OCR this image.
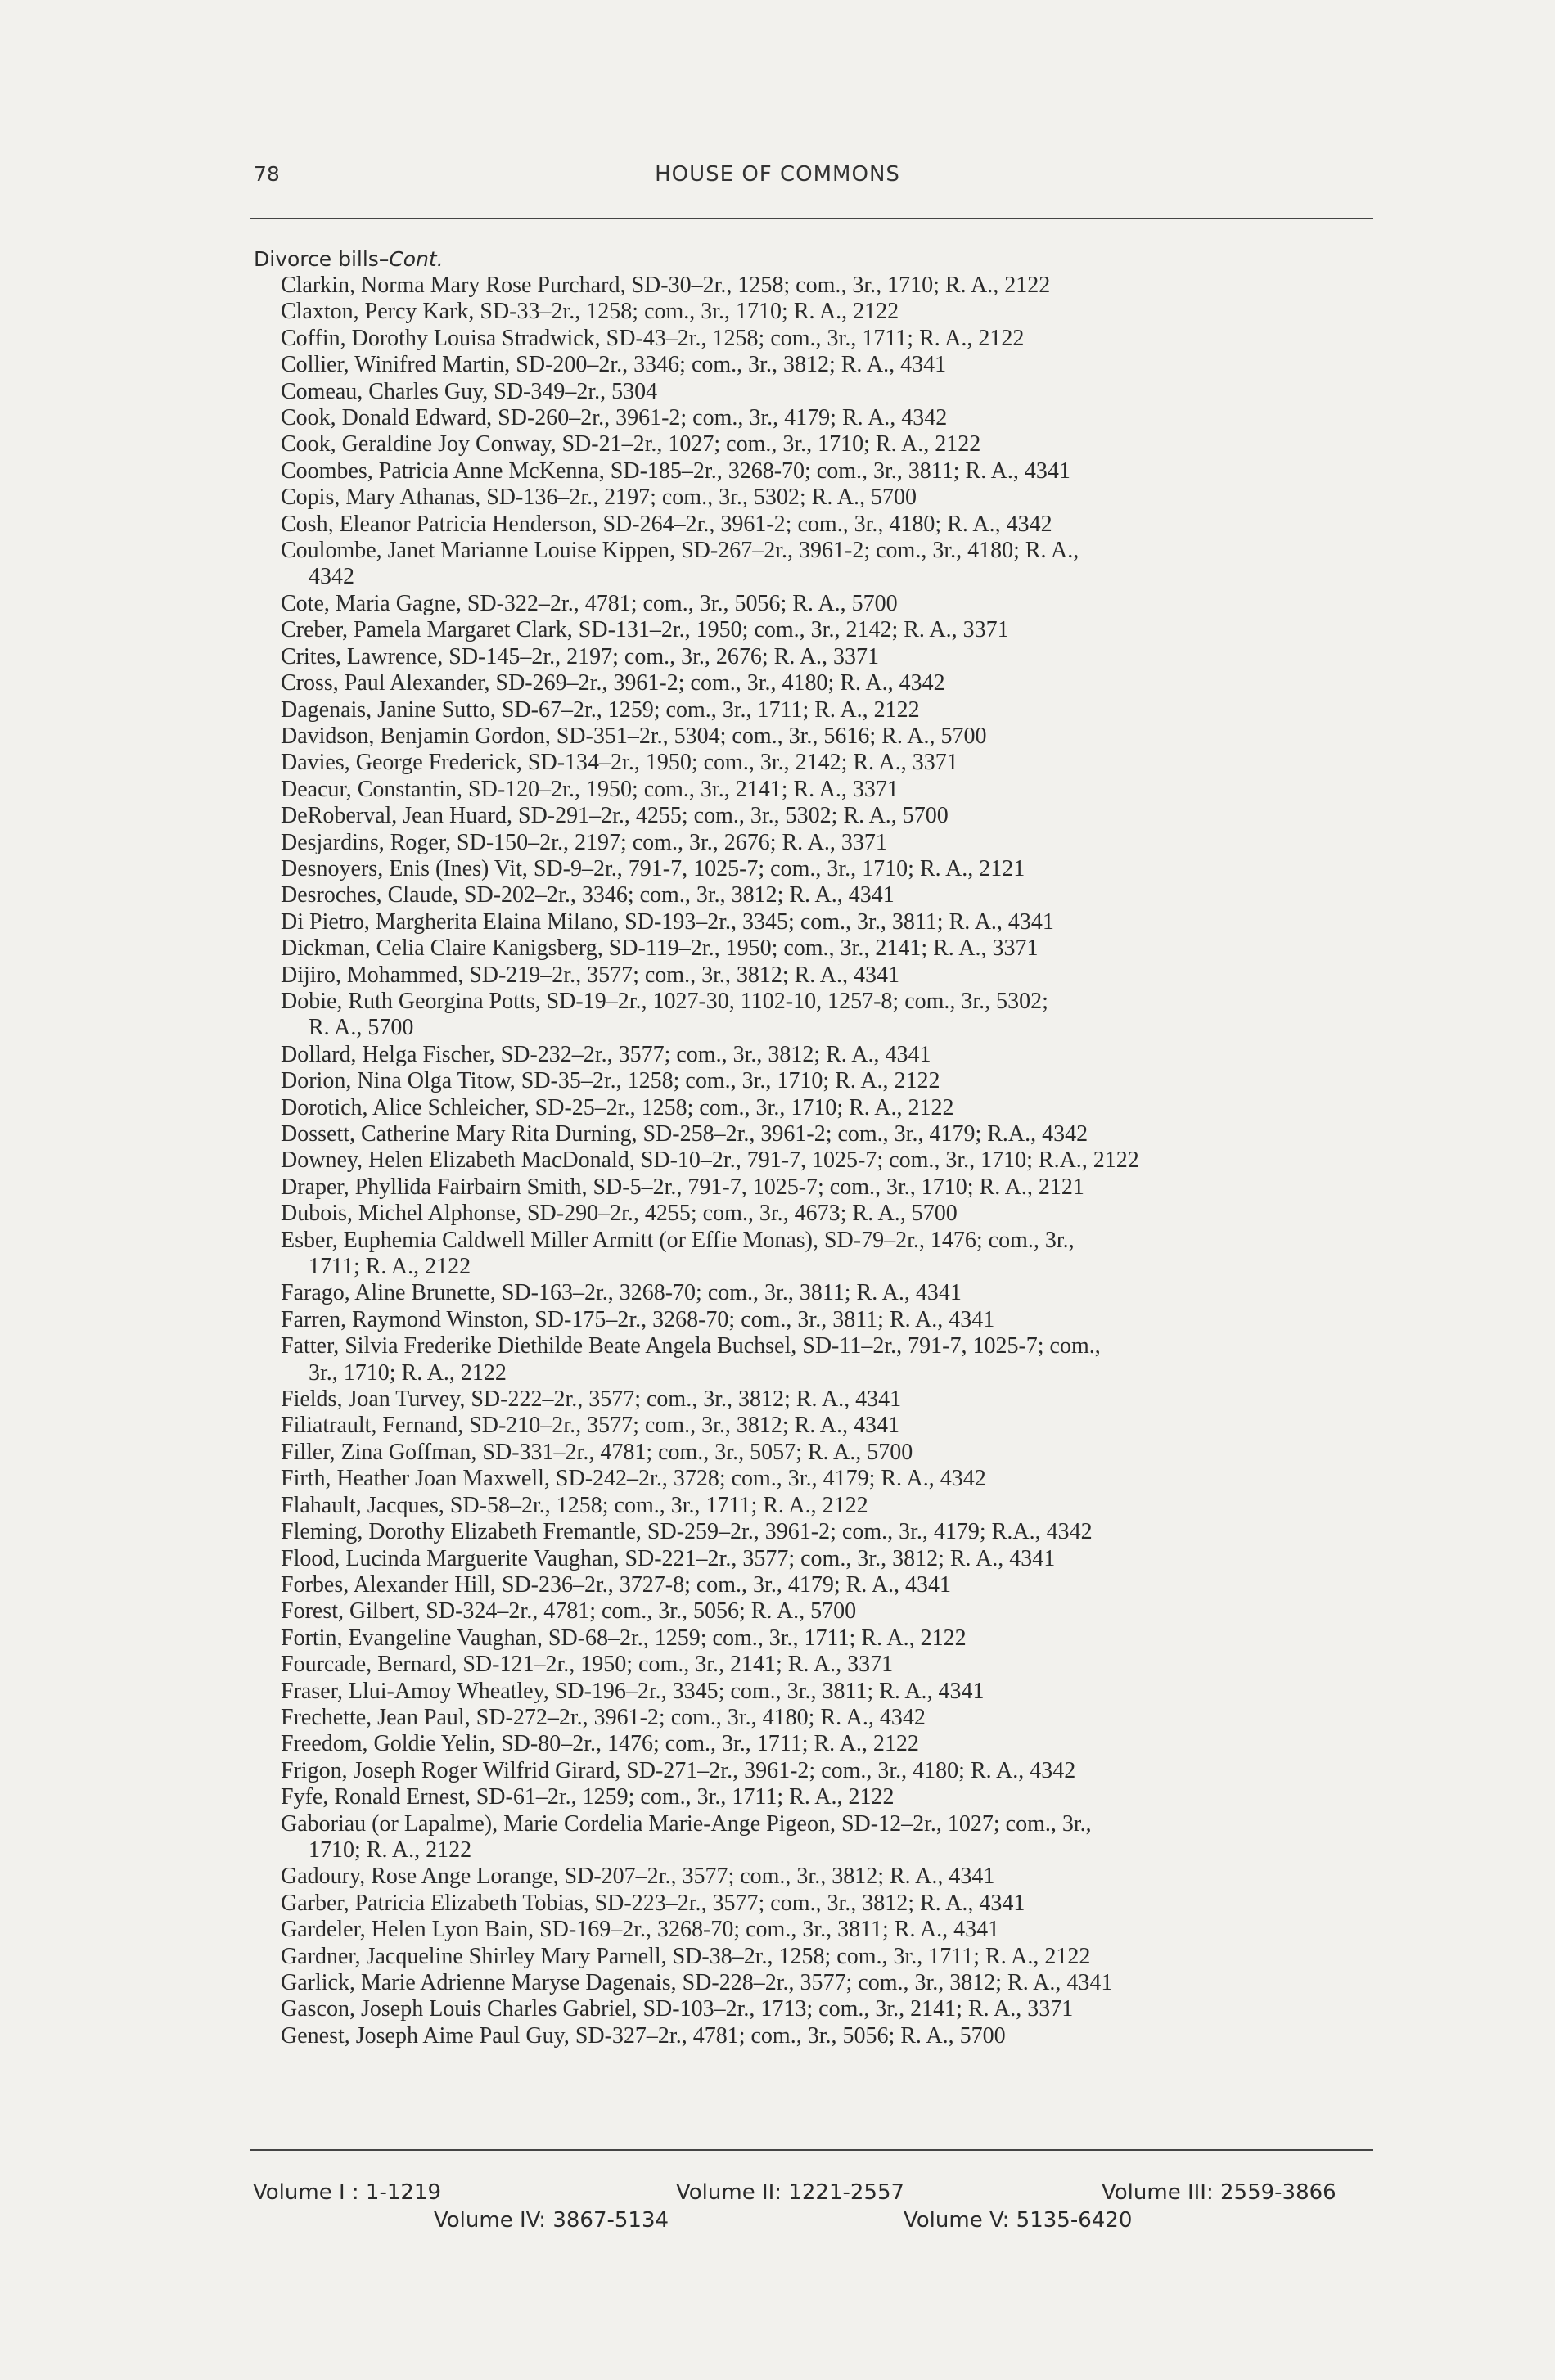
78	HOUSE OF COMMONS
Divorce bills–Cont.
Clarkin, Norma Mary Rose Purchard, SD-30–2r., 1258; com., 3r., 1710; R. A., 2122
Claxton, Percy Kark, SD-33–2r., 1258; com., 3r., 1710; R. A., 2122
Coffin, Dorothy Louisa Stradwick, SD-43–2r., 1258; com., 3r., 1711; R. A., 2122
Collier, Winifred Martin, SD-200–2r., 3346; com., 3r., 3812; R. A., 4341
Comeau, Charles Guy, SD-349–2r., 5304
Cook, Donald Edward, SD-260–2r., 3961-2; com., 3r., 4179; R. A., 4342
Cook, Geraldine Joy Conway, SD-21–2r., 1027; com., 3r., 1710; R. A., 2122
Coombes, Patricia Anne McKenna, SD-185–2r., 3268-70; com., 3r., 3811; R. A., 4341
Copis, Mary Athanas, SD-136–2r., 2197; com., 3r., 5302; R. A., 5700
Cosh, Eleanor Patricia Henderson, SD-264–2r., 3961-2; com., 3r., 4180; R. A., 4342
Coulombe, Janet Marianne Louise Kippen, SD-267–2r., 3961-2; com., 3r., 4180; R. A.,
4342
Cote, Maria Gagne, SD-322–2r., 4781; com., 3r., 5056; R. A., 5700
Creber, Pamela Margaret Clark, SD-131–2r., 1950; com., 3r., 2142; R. A., 3371
Crites, Lawrence, SD-145–2r., 2197; com., 3r., 2676; R. A., 3371
Cross, Paul Alexander, SD-269–2r., 3961-2; com., 3r., 4180; R. A., 4342
Dagenais, Janine Sutto, SD-67–2r., 1259; com., 3r., 1711; R. A., 2122
Davidson, Benjamin Gordon, SD-351–2r., 5304; com., 3r., 5616; R. A., 5700
Davies, George Frederick, SD-134–2r., 1950; com., 3r., 2142; R. A., 3371
Deacur, Constantin, SD-120–2r., 1950; com., 3r., 2141; R. A., 3371
DeRoberval, Jean Huard, SD-291–2r., 4255; com., 3r., 5302; R. A., 5700
Desjardins, Roger, SD-150–2r., 2197; com., 3r., 2676; R. A., 3371
Desnoyers, Enis (Ines) Vit, SD-9–2r., 791-7, 1025-7; com., 3r., 1710; R. A., 2121
Desroches, Claude, SD-202–2r., 3346; com., 3r., 3812; R. A., 4341
Di Pietro, Margherita Elaina Milano, SD-193–2r., 3345; com., 3r., 3811; R. A., 4341
Dickman, Celia Claire Kanigsberg, SD-119–2r., 1950; com., 3r., 2141; R. A., 3371
Dijiro, Mohammed, SD-219–2r., 3577; com., 3r., 3812; R. A., 4341
Dobie, Ruth Georgina Potts, SD-19–2r., 1027-30, 1102-10, 1257-8; com., 3r., 5302;
R. A., 5700
Dollard, Helga Fischer, SD-232–2r., 3577; com., 3r., 3812; R. A., 4341
Dorion, Nina Olga Titow, SD-35–2r., 1258; com., 3r., 1710; R. A., 2122
Dorotich, Alice Schleicher, SD-25–2r., 1258; com., 3r., 1710; R. A., 2122
Dossett, Catherine Mary Rita Durning, SD-258–2r., 3961-2; com., 3r., 4179; R.A., 4342
Downey, Helen Elizabeth MacDonald, SD-10–2r., 791-7, 1025-7; com., 3r., 1710; R.A., 2122
Draper, Phyllida Fairbairn Smith, SD-5–2r., 791-7, 1025-7; com., 3r., 1710; R. A., 2121
Dubois, Michel Alphonse, SD-290–2r., 4255; com., 3r., 4673; R. A., 5700
Esber, Euphemia Caldwell Miller Armitt (or Effie Monas), SD-79–2r., 1476; com., 3r.,
1711; R. A., 2122
Farago, Aline Brunette, SD-163–2r., 3268-70; com., 3r., 3811; R. A., 4341
Farren, Raymond Winston, SD-175–2r., 3268-70; com., 3r., 3811; R. A., 4341
Fatter, Silvia Frederike Diethilde Beate Angela Buchsel, SD-11–2r., 791-7, 1025-7; com.,
3r., 1710; R. A., 2122
Fields, Joan Turvey, SD-222–2r., 3577; com., 3r., 3812; R. A., 4341
Filiatrault, Fernand, SD-210–2r., 3577; com., 3r., 3812; R. A., 4341
Filler, Zina Goffman, SD-331–2r., 4781; com., 3r., 5057; R. A., 5700
Firth, Heather Joan Maxwell, SD-242–2r., 3728; com., 3r., 4179; R. A., 4342
Flahault, Jacques, SD-58–2r., 1258; com., 3r., 1711; R. A., 2122
Fleming, Dorothy Elizabeth Fremantle, SD-259–2r., 3961-2; com., 3r., 4179; R.A., 4342
Flood, Lucinda Marguerite Vaughan, SD-221–2r., 3577; com., 3r., 3812; R. A., 4341
Forbes, Alexander Hill, SD-236–2r., 3727-8; com., 3r., 4179; R. A., 4341
Forest, Gilbert, SD-324–2r., 4781; com., 3r., 5056; R. A., 5700
Fortin, Evangeline Vaughan, SD-68–2r., 1259; com., 3r., 1711; R. A., 2122
Fourcade, Bernard, SD-121–2r., 1950; com., 3r., 2141; R. A., 3371
Fraser, Llui-Amoy Wheatley, SD-196–2r., 3345; com., 3r., 3811; R. A., 4341
Frechette, Jean Paul, SD-272–2r., 3961-2; com., 3r., 4180; R. A., 4342
Freedom, Goldie Yelin, SD-80–2r., 1476; com., 3r., 1711; R. A., 2122
Frigon, Joseph Roger Wilfrid Girard, SD-271–2r., 3961-2; com., 3r., 4180; R. A., 4342
Fyfe, Ronald Ernest, SD-61–2r., 1259; com., 3r., 1711; R. A., 2122
Gaboriau (or Lapalme), Marie Cordelia Marie-Ange Pigeon, SD-12–2r., 1027; com., 3r.,
1710; R. A., 2122
Gadoury, Rose Ange Lorange, SD-207–2r., 3577; com., 3r., 3812; R. A., 4341
Garber, Patricia Elizabeth Tobias, SD-223–2r., 3577; com., 3r., 3812; R. A., 4341
Gardeler, Helen Lyon Bain, SD-169–2r., 3268-70; com., 3r., 3811; R. A., 4341
Gardner, Jacqueline Shirley Mary Parnell, SD-38–2r., 1258; com., 3r., 1711; R. A., 2122
Garlick, Marie Adrienne Maryse Dagenais, SD-228–2r., 3577; com., 3r., 3812; R. A., 4341
Gascon, Joseph Louis Charles Gabriel, SD-103–2r., 1713; com., 3r., 2141; R. A., 3371
Genest, Joseph Aime Paul Guy, SD-327–2r., 4781; com., 3r., 5056; R. A., 5700
Volume I : 1-1219	Volume II: 1221-2557	Volume III: 2559-3866
Volume IV: 3867-5134	Volume V: 5135-6420
